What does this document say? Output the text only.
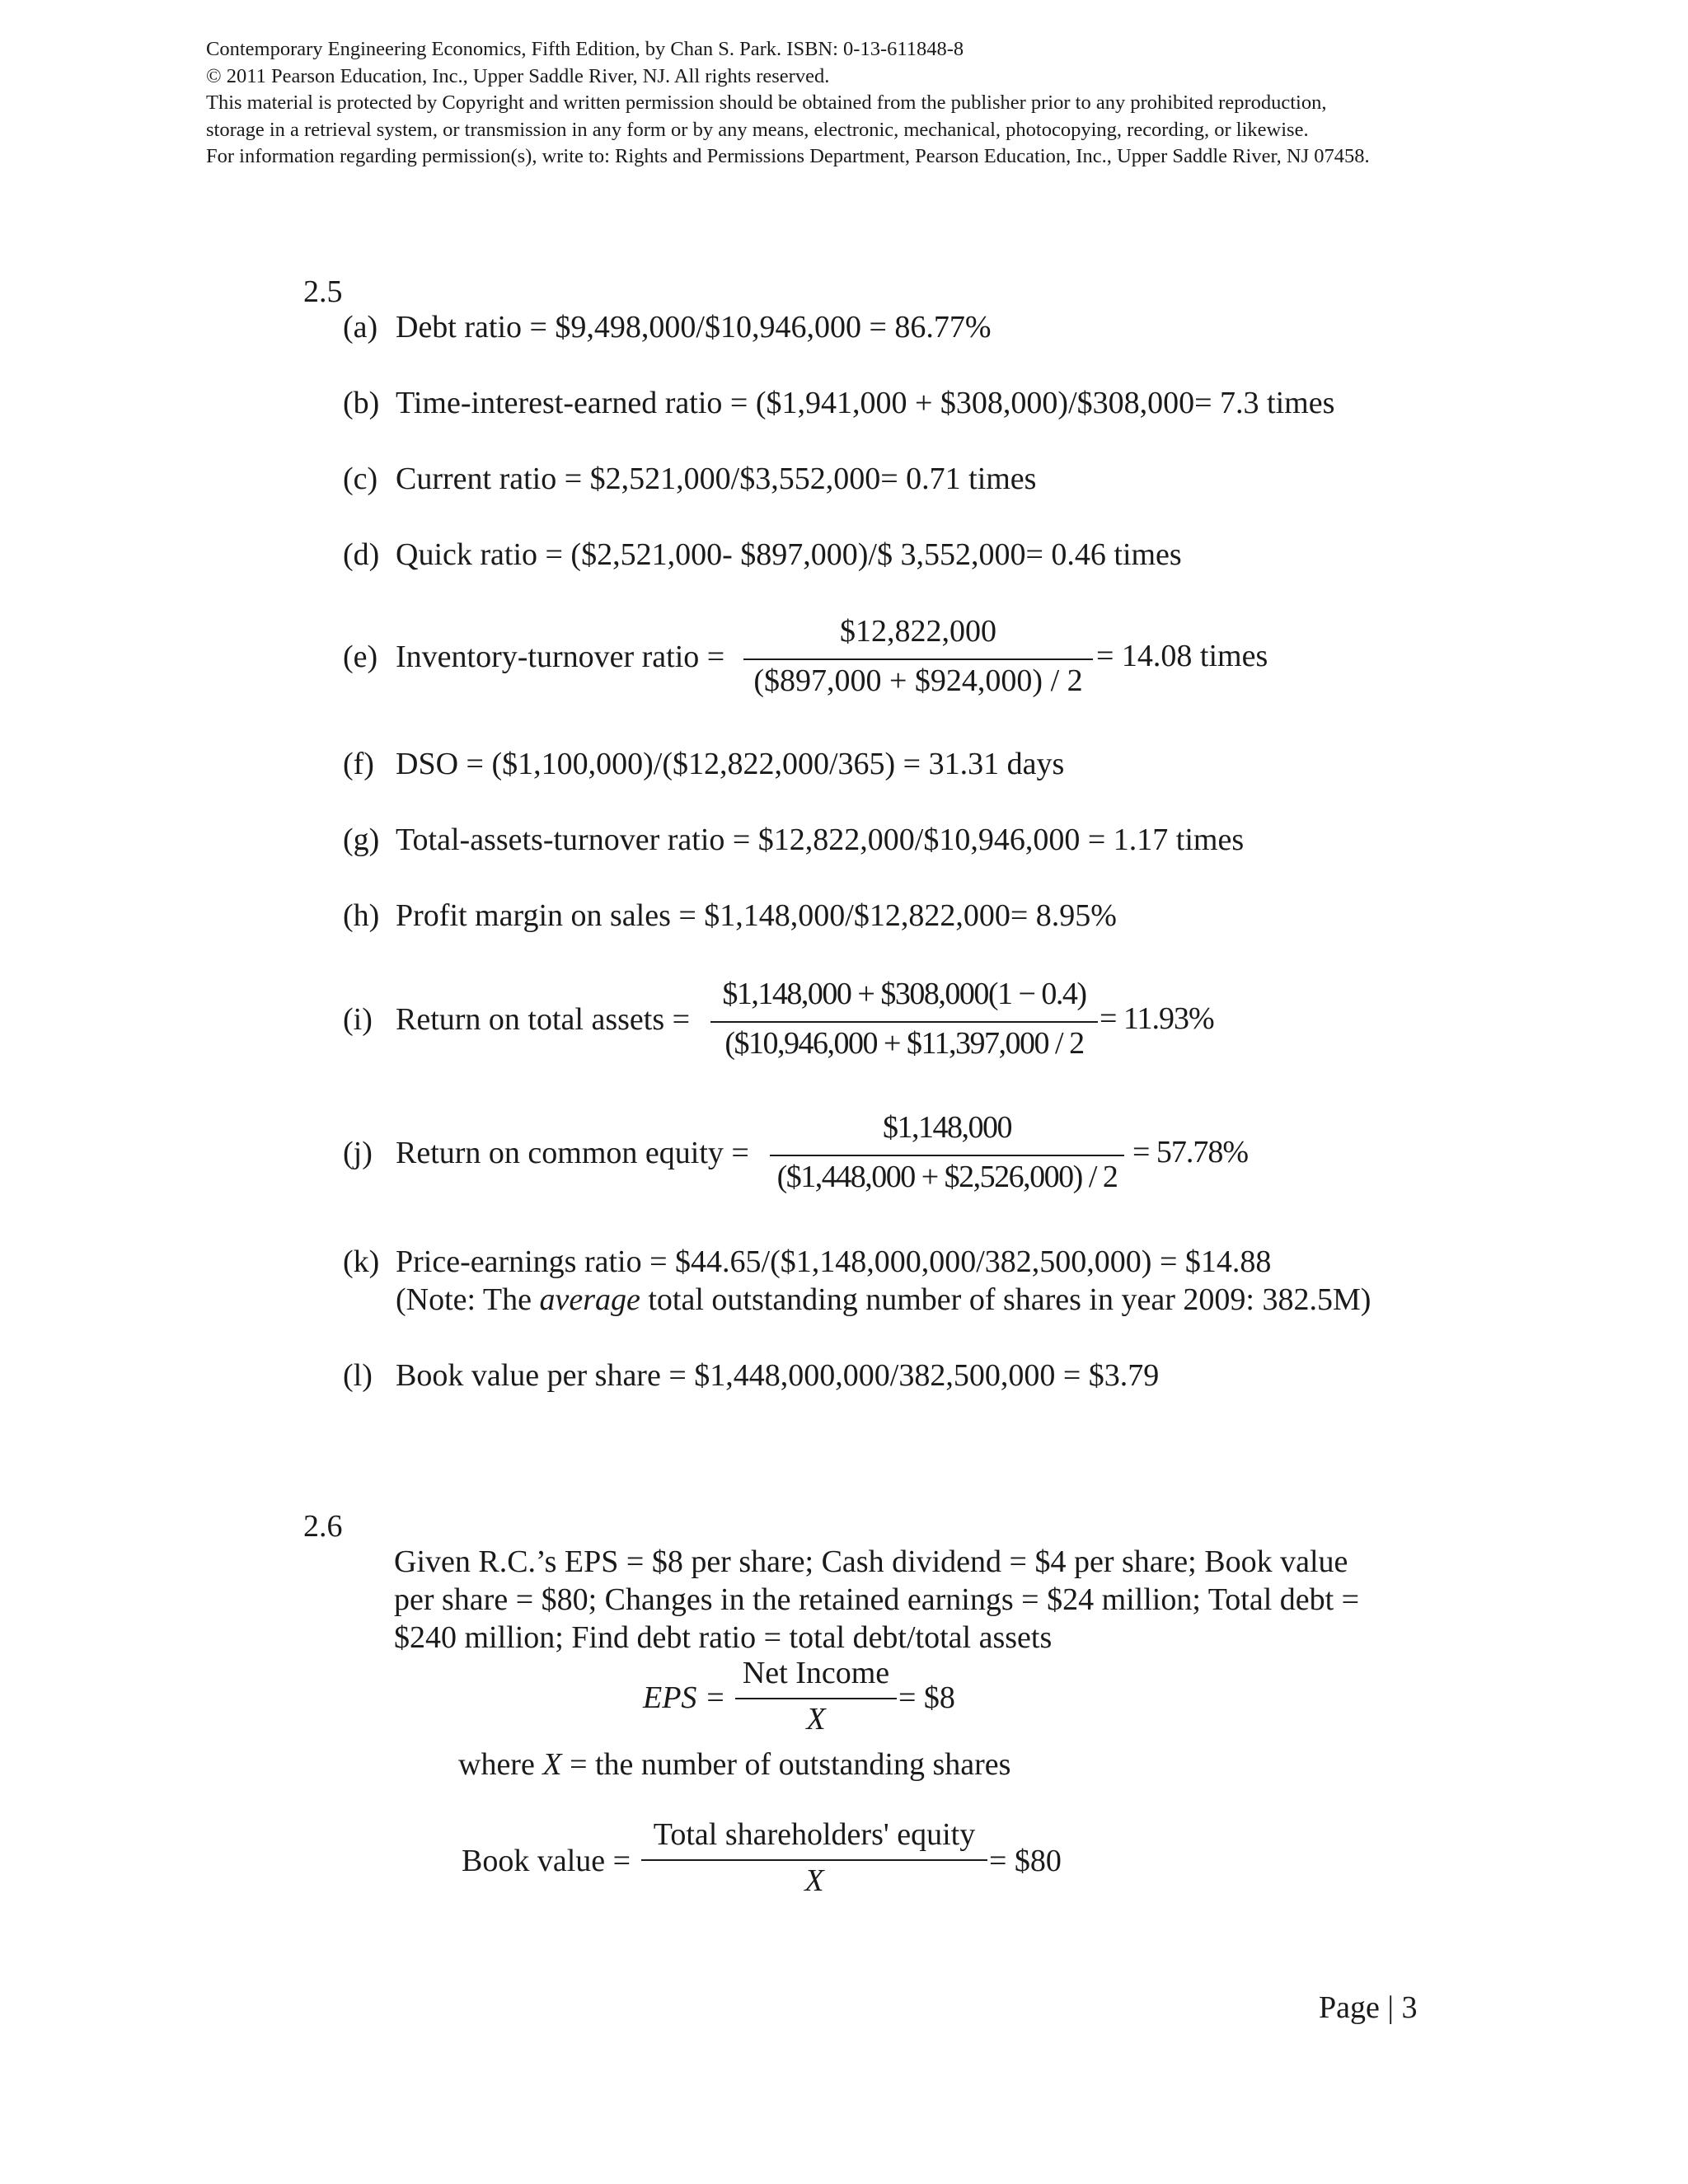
Contemporary Engineering Economics, Fifth Edition, by Chan S. Park. ISBN: 0-13-611848-8
© 2011 Pearson Education, Inc., Upper Saddle River, NJ. All rights reserved.
This material is protected by Copyright and written permission should be obtained from the publisher prior to any prohibited reproduction,
storage in a retrieval system, or transmission in any form or by any means, electronic, mechanical, photocopying, recording, or likewise.
For information regarding permission(s), write to: Rights and Permissions Department, Pearson Education, Inc., Upper Saddle River, NJ 07458.
2.5
(a) Debt ratio = $9,498,000/$10,946,000 = 86.77%
(b) Time-interest-earned ratio = ($1,941,000 + $308,000)/$308,000= 7.3 times
(c) Current ratio = $2,521,000/$3,552,000= 0.71 times
(d) Quick ratio = ($2,521,000- $897,000)/$ 3,552,000= 0.46 times
(e) Inventory-turnover ratio =
$12,822,000
($897,000 + $924,000) / 2
= 14.08 times
(f) DSO = ($1,100,000)/($12,822,000/365) = 31.31 days
(g) Total-assets-turnover ratio = $12,822,000/$10,946,000 = 1.17 times
(h) Profit margin on sales = $1,148,000/$12,822,000= 8.95%
(i) Return on total assets =
$1,148,000 + $308,000(1 − 0.4)
($10,946,000 + $11,397,000 / 2
= 11.93%
(j) Return on common equity =
$1,148,000
($1,448,000 + $2,526,000) / 2
= 57.78%
(k) Price-earnings ratio = $44.65/($1,148,000,000/382,500,000) = $14.88
(Note: The average total outstanding number of shares in year 2009: 382.5M)
(l) Book value per share = $1,448,000,000/382,500,000 = $3.79
2.6
Given R.C.’s EPS = $8 per share; Cash dividend = $4 per share; Book value
per share = $80; Changes in the retained earnings = $24 million; Total debt =
$240 million; Find debt ratio = total debt/total assets
EPS =
Net Income
X
= $8
where X = the number of outstanding shares
Book value =
Total shareholders' equity
X
= $80
Page | 3
